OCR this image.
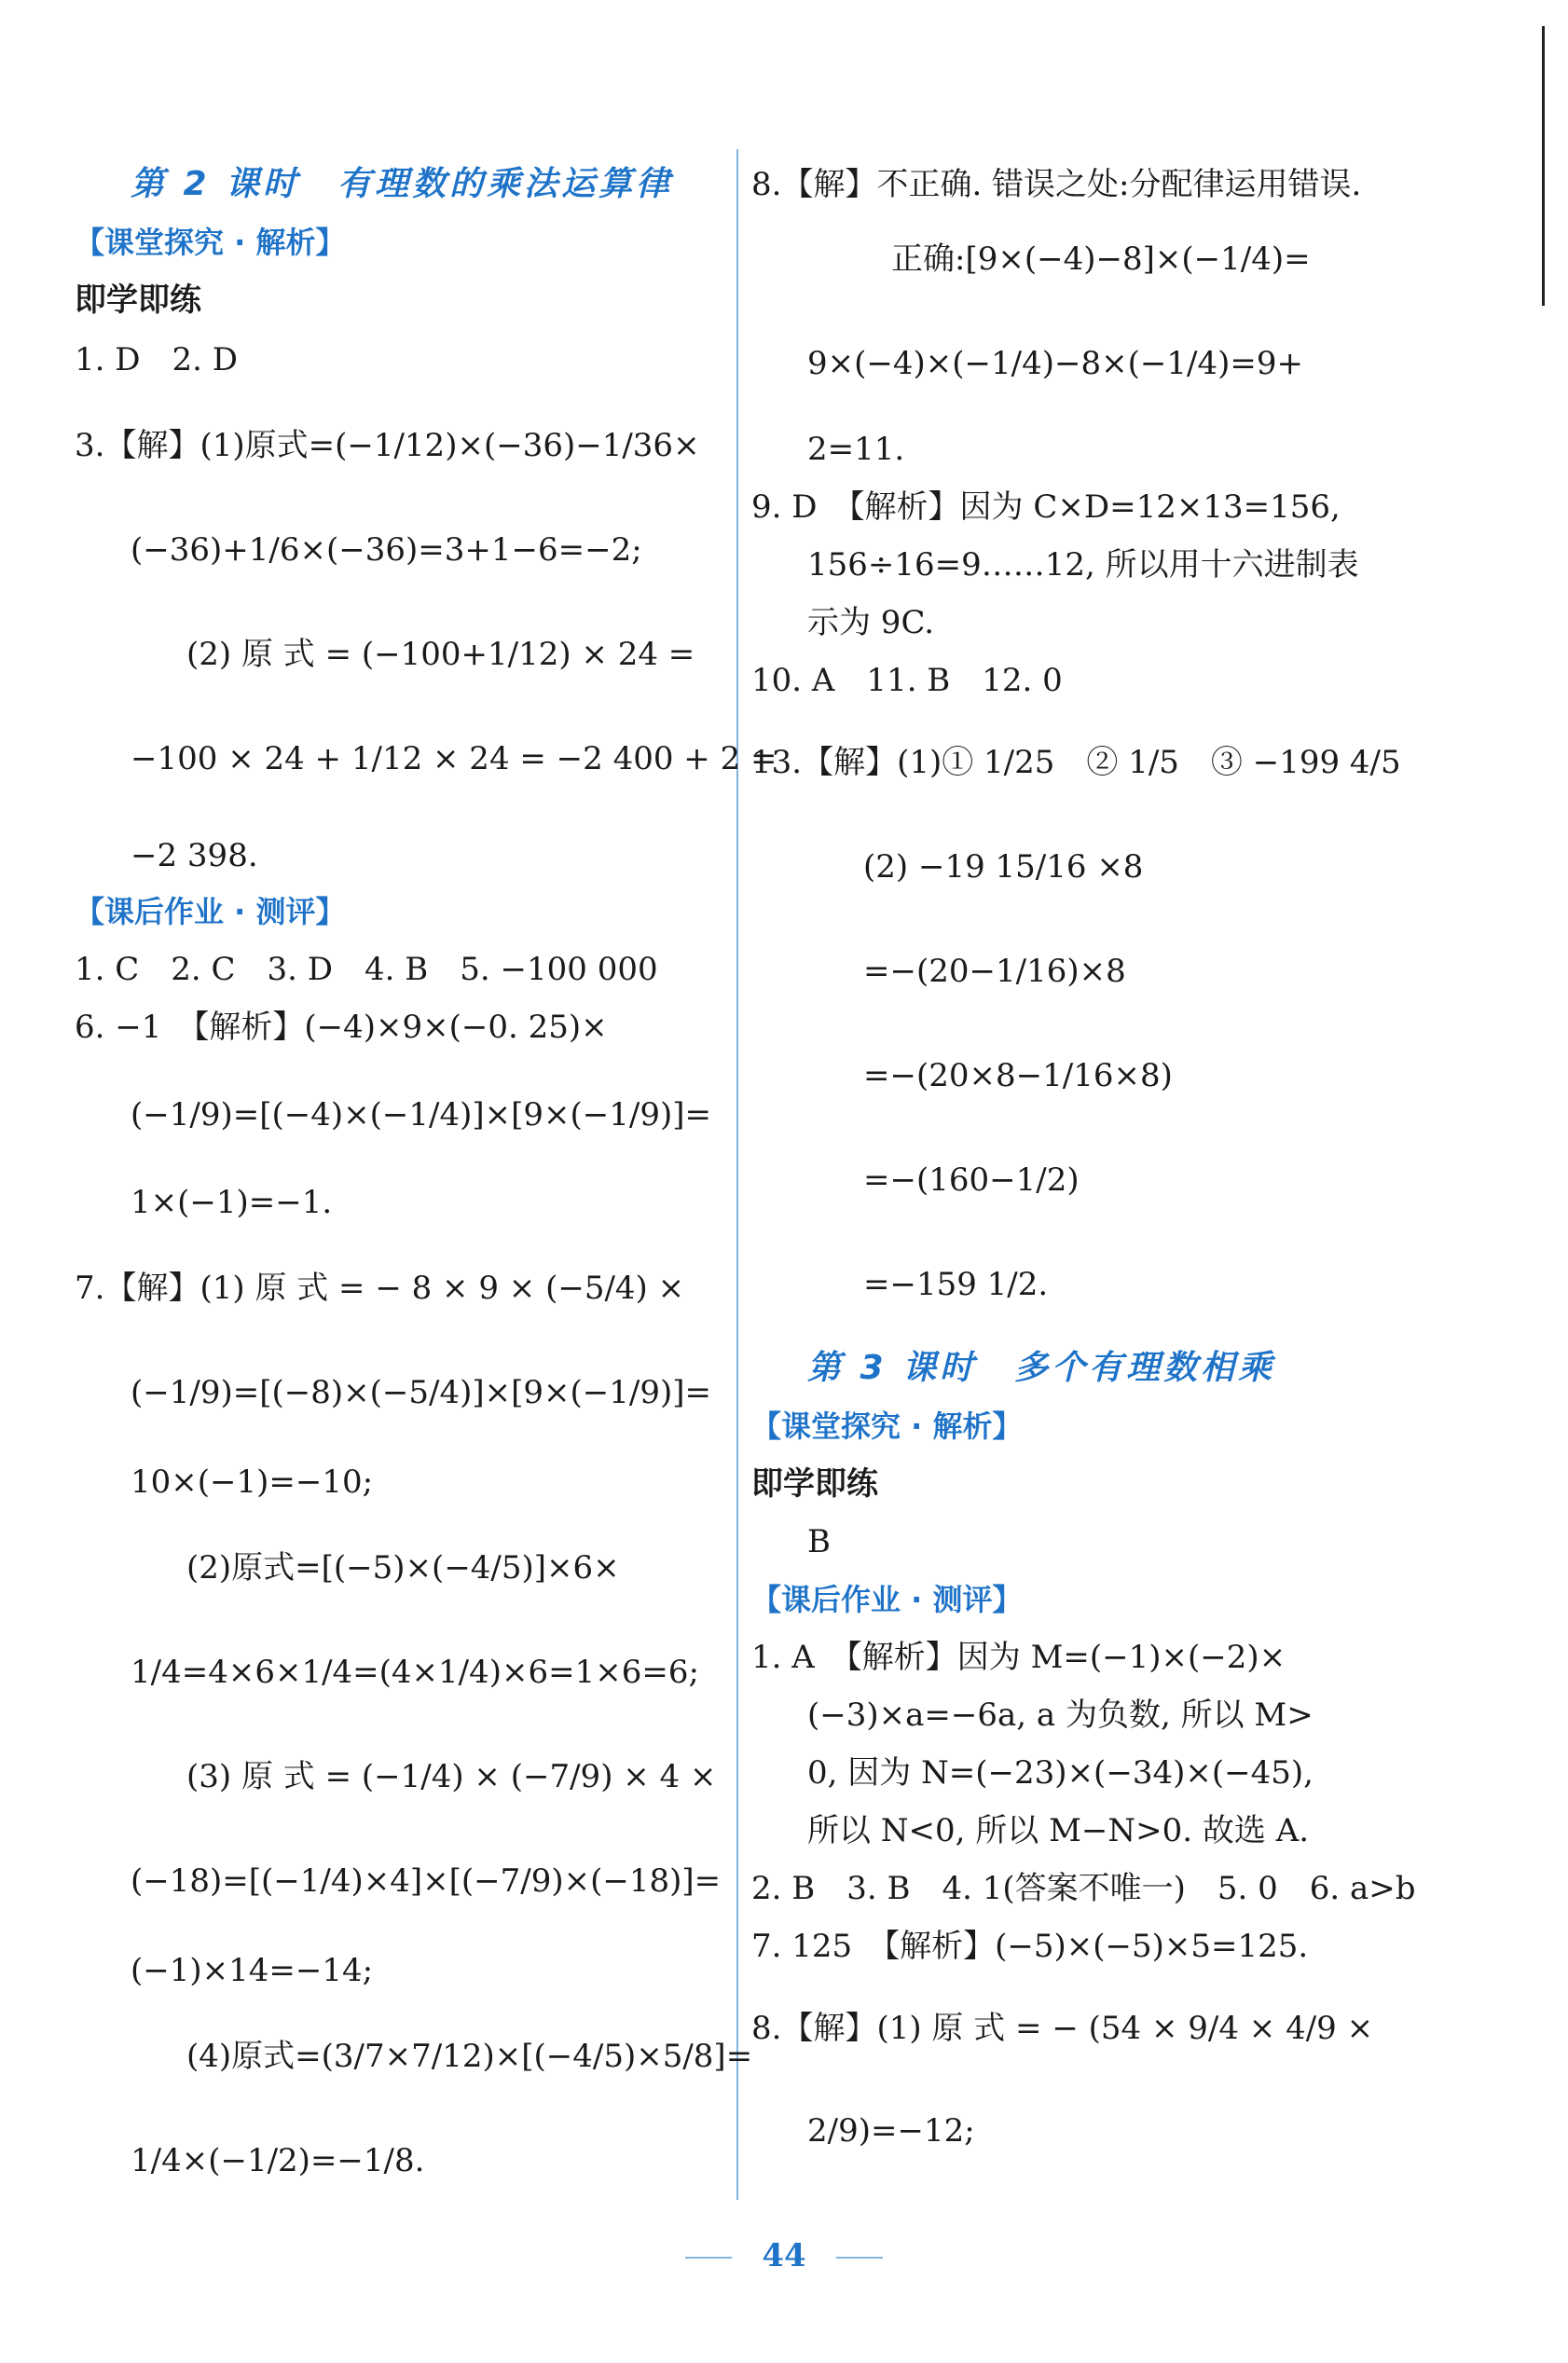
第 2 课时　有理数的乘法运算律
【课堂探究 · 解析】
即学即练
1. D　2. D
3.【解】(1)原式=(−1/12)×(−36)−1/36×
(−36)+1/6×(−36)=3+1−6=−2;
(2) 原 式 = (−100+1/12) × 24 =
−100 × 24 + 1/12 × 24 = −2 400 + 2 =
−2 398.
【课后作业 · 测评】
1. C　2. C　3. D　4. B　5. −100 000
6. −1　【解析】(−4)×9×(−0. 25)×
(−1/9)=[(−4)×(−1/4)]×[9×(−1/9)]=
1×(−1)=−1.
7.【解】(1) 原 式 = − 8 × 9 × (−5/4) ×
(−1/9)=[(−8)×(−5/4)]×[9×(−1/9)]=
10×(−1)=−10;
(2)原式=[(−5)×(−4/5)]×6×
1/4=4×6×1/4=(4×1/4)×6=1×6=6;
(3) 原 式 = (−1/4) × (−7/9) × 4 ×
(−18)=[(−1/4)×4]×[(−7/9)×(−18)]=
(−1)×14=−14;
(4)原式=(3/7×7/12)×[(−4/5)×5/8]=
1/4×(−1/2)=−1/8.
8.【解】不正确. 错误之处:分配律运用错误.
正确:[9×(−4)−8]×(−1/4)=
9×(−4)×(−1/4)−8×(−1/4)=9+
2=11.
9. D　【解析】因为 C×D=12×13=156,
156÷16=9……12, 所以用十六进制表
示为 9C.
10. A　11. B　12. 0
13.【解】(1)① 1/25　② 1/5　③ −199 4/5
(2) −19 15/16 ×8
=−(20−1/16)×8
=−(20×8−1/16×8)
=−(160−1/2)
=−159 1/2.
第 3 课时　多个有理数相乘
【课堂探究 · 解析】
即学即练
B
【课后作业 · 测评】
1. A　【解析】因为 M=(−1)×(−2)×
(−3)×a=−6a, a 为负数, 所以 M>
0, 因为 N=(−23)×(−34)×(−45),
所以 N<0, 所以 M−N>0. 故选 A.
2. B　3. B　4. 1(答案不唯一)　5. 0　6. a>b
7. 125　【解析】(−5)×(−5)×5=125.
8.【解】(1) 原 式 = − (54 × 9/4 × 4/9 ×
2/9)=−12;
44
